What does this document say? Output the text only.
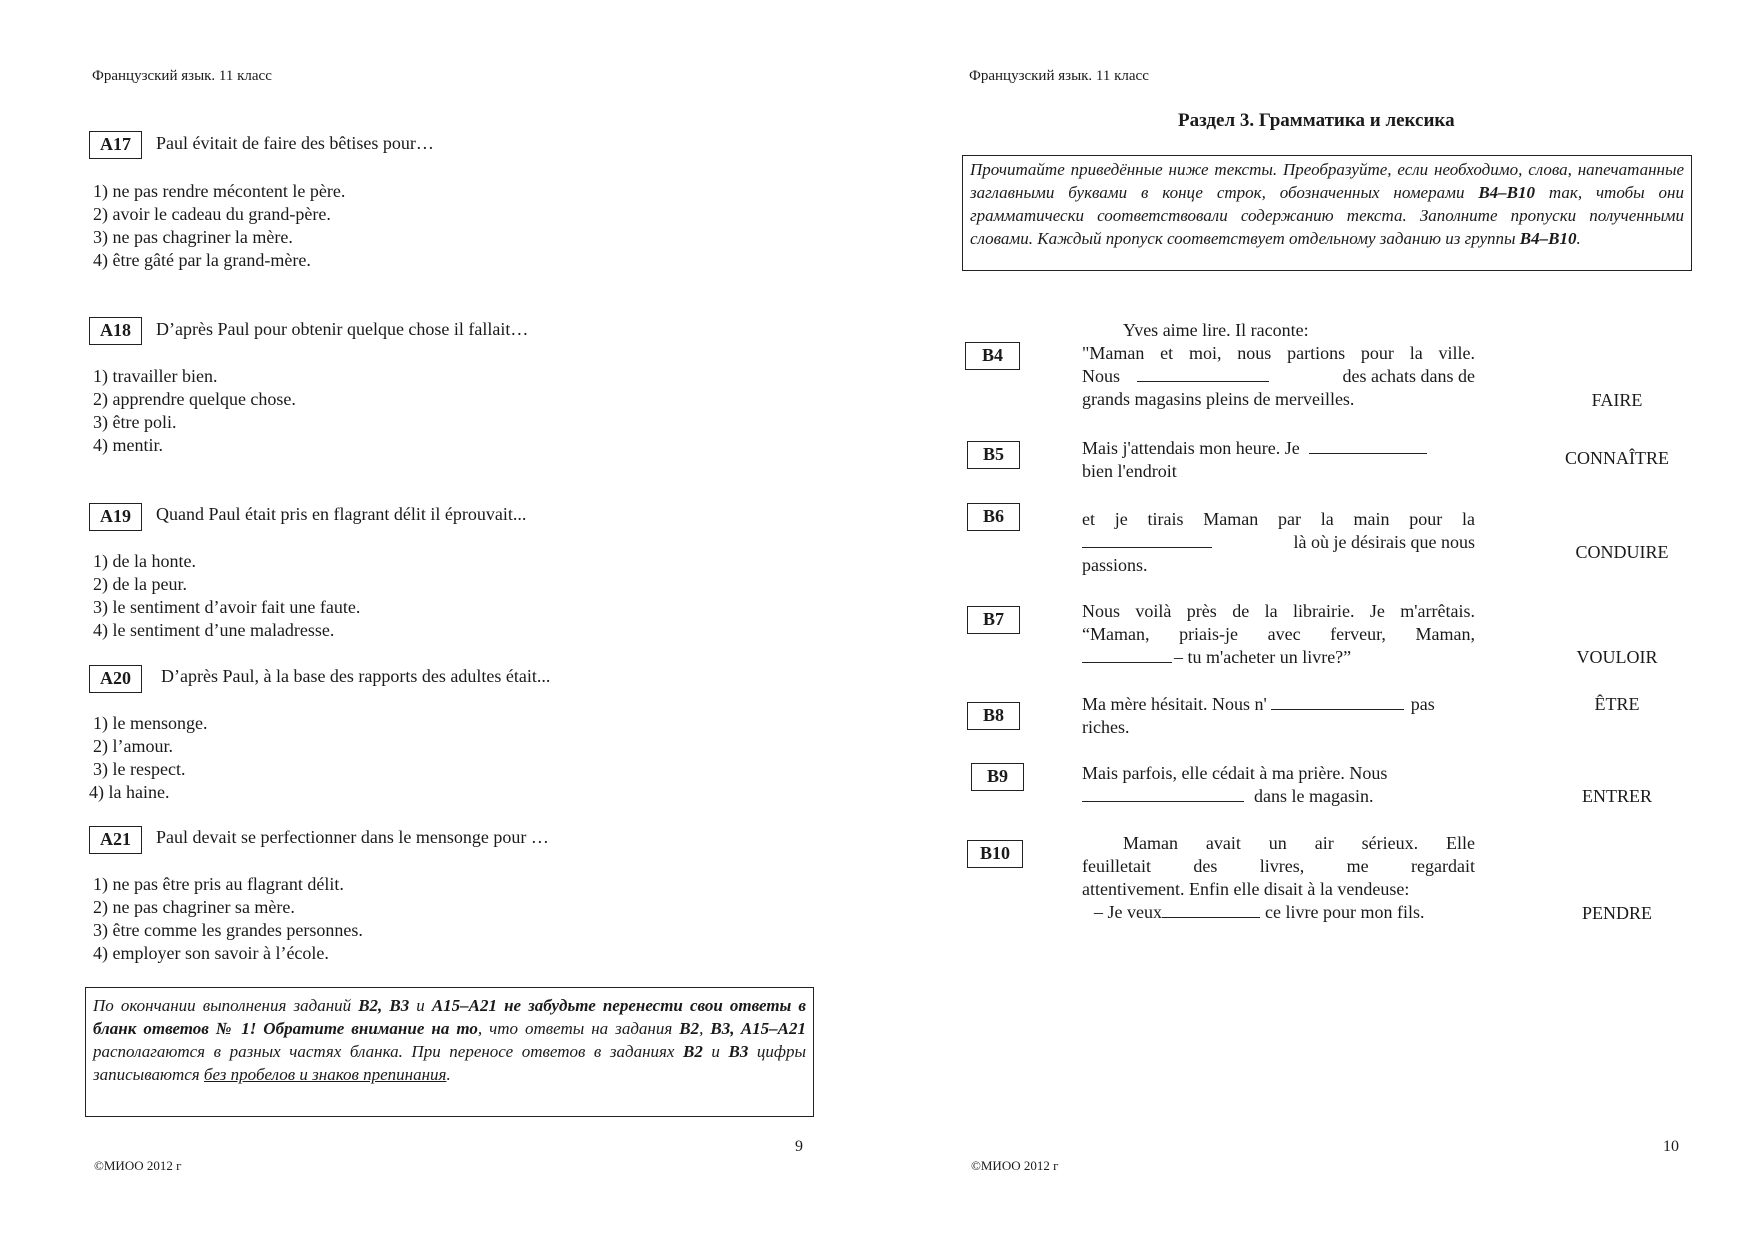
Французский язык. 11 класс
A17	Paul évitait de faire des bêtises pour…
1) ne pas rendre mécontent le père.
2) avoir le cadeau du grand-père.
3) ne pas chagriner la mère.
4) être gâté par la grand-mère.
A18	D’après Paul pour obtenir quelque chose il fallait…
1) travailler bien.
2) apprendre quelque chose.
3) être poli.
4) mentir.
A19	Quand Paul était pris en flagrant délit il éprouvait...
1) de la honte.
2) de la peur.
3) le sentiment d’avoir fait une faute.
4) le sentiment d’une maladresse.
A20	D’après Paul, à la base des rapports des adultes était...
1) le mensonge.
2) l’amour.
3) le respect.
4) la haine.
A21	Paul devait se perfectionner dans le mensonge pour …
1) ne pas être pris au flagrant délit.
2) ne pas chagriner sa mère.
3) être comme les grandes personnes.
4) employer son savoir à l’école.
По окончании выполнения заданий B2, B3 и A15–A21 не забудьте перенести свои ответы в бланк ответов № 1! Обратите внимание на то, что ответы на задания B2, B3, A15–A21 располагаются в разных частях бланка. При переносе ответов в заданиях B2 и B3 цифры записываются без пробелов и знаков препинания.
9
©МИОО 2012 г
Французский язык. 11 класс
Раздел 3. Грамматика и лексика
Прочитайте приведённые ниже тексты. Преобразуйте, если необходимо, слова, напечатанные заглавными буквами в конце строк, обозначенных номерами B4–B10 так, чтобы они грамматически соответствовали содержанию текста. Заполните пропуски полученными словами. Каждый пропуск соответствует отдельному заданию из группы B4–B10.
B4
Yves aime lire. Il raconte:
"Maman et moi, nous partions pour la ville.
Nous	des achats dans de
grands magasins pleins de merveilles.	FAIRE
B5	Mais j'attendais mon heure. Je
bien l'endroit
CONNAÎTRE
B6	et je tirais Maman par la main pour la
là où je désirais que nous
passions.
CONDUIRE
B7	Nous voilà près de la librairie. Je m'arrêtais.
“Maman, priais-je avec ferveur, Maman,
– tu m'acheter un livre?”	VOULOIR
B8
Ma mère hésitait. Nous n'	pas
riches.
ÊTRE
B9	Mais parfois, elle cédait à ma prière. Nous
dans le magasin.	ENTRER
B10	Maman avait un air sérieux. Elle
feuilletait des livres, me regardait
attentivement. Enfin elle disait à la vendeuse:
– Je veux	ce livre pour mon fils.	PENDRE
10
©МИОО 2012 г
